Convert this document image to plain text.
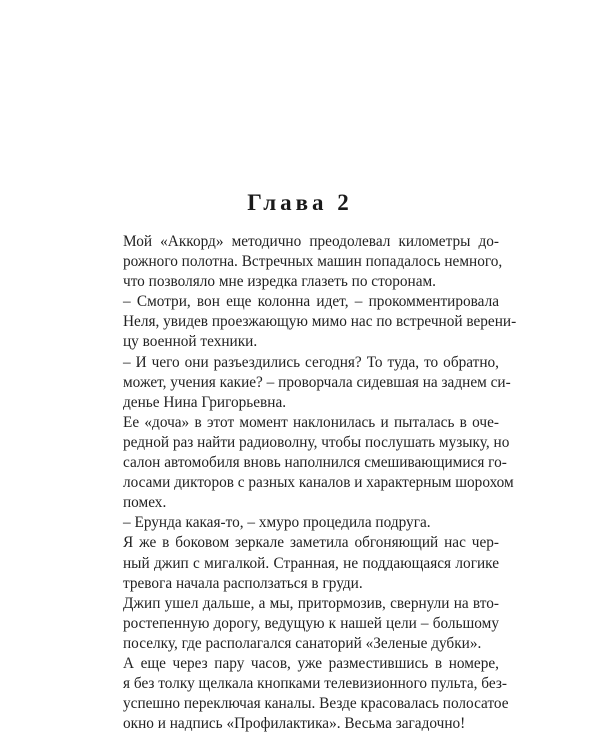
Глава 2

Мой «Аккорд» методично преодолевал километры до-
рожного полотна. Встречных машин попадалось немного,
что позволяло мне изредка глазеть по сторонам.

– Смотри, вон еще колонна идет, – прокомментировала
Неля, увидев проезжающую мимо нас по встречной верени-
цу военной техники.

– И чего они разъездились сегодня? То туда, то обратно,
может, учения какие? – проворчала сидевшая на заднем си-
денье Нина Григорьевна.

Ее «доча» в этот момент наклонилась и пыталась в оче-
редной раз найти радиоволну, чтобы послушать музыку, но
салон автомобиля вновь наполнился смешивающимися го-
лосами дикторов с разных каналов и характерным шорохом
помех.

– Ерунда какая-то, – хмуро процедила подруга.

Я же в боковом зеркале заметила обгоняющий нас чер-
ный джип с мигалкой. Странная, не поддающаяся логике
тревога начала расползаться в груди.

Джип ушел дальше, а мы, притормозив, свернули на вто-
ростепенную дорогу, ведущую к нашей цели – большому
поселку, где располагался санаторий «Зеленые дубки».

А еще через пару часов, уже разместившись в номере,
я без толку щелкала кнопками телевизионного пульта, без-
успешно переключая каналы. Везде красовалась полосатое
окно и надпись «Профилактика». Весьма загадочно!
